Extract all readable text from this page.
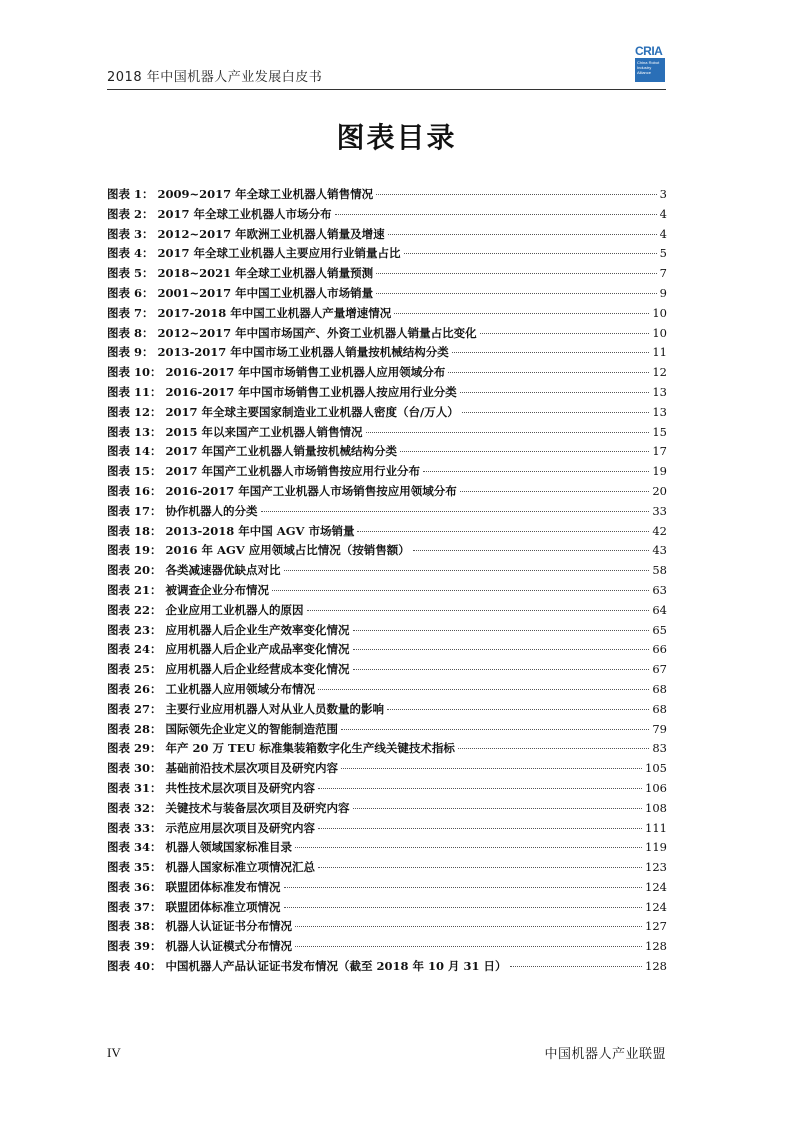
2018 年中国机器人产业发展白皮书
CRIA
China Robot Industry Alliance
图表目录
图表 1： 2009~2017 年全球工业机器人销售情况	3
图表 2： 2017 年全球工业机器人市场分布	4
图表 3： 2012~2017 年欧洲工业机器人销量及增速	4
图表 4： 2017 年全球工业机器人主要应用行业销量占比	5
图表 5： 2018~2021 年全球工业机器人销量预测	7
图表 6： 2001~2017 年中国工业机器人市场销量	9
图表 7： 2017-2018 年中国工业机器人产量增速情况	10
图表 8： 2012~2017 年中国市场国产、外资工业机器人销量占比变化	10
图表 9： 2013-2017 年中国市场工业机器人销量按机械结构分类	11
图表 10： 2016-2017 年中国市场销售工业机器人应用领域分布	12
图表 11： 2016-2017 年中国市场销售工业机器人按应用行业分类	13
图表 12： 2017 年全球主要国家制造业工业机器人密度（台/万人）	13
图表 13： 2015 年以来国产工业机器人销售情况	15
图表 14： 2017 年国产工业机器人销量按机械结构分类	17
图表 15： 2017 年国产工业机器人市场销售按应用行业分布	19
图表 16： 2016-2017 年国产工业机器人市场销售按应用领域分布	20
图表 17： 协作机器人的分类	33
图表 18： 2013-2018 年中国 AGV 市场销量	42
图表 19： 2016 年 AGV 应用领域占比情况（按销售额）	43
图表 20： 各类减速器优缺点对比	58
图表 21： 被调查企业分布情况	63
图表 22： 企业应用工业机器人的原因	64
图表 23： 应用机器人后企业生产效率变化情况	65
图表 24： 应用机器人后企业产成品率变化情况	66
图表 25： 应用机器人后企业经营成本变化情况	67
图表 26： 工业机器人应用领域分布情况	68
图表 27： 主要行业应用机器人对从业人员数量的影响	68
图表 28： 国际领先企业定义的智能制造范围	79
图表 29： 年产 20 万 TEU 标准集装箱数字化生产线关键技术指标	83
图表 30： 基础前沿技术层次项目及研究内容	105
图表 31： 共性技术层次项目及研究内容	106
图表 32： 关键技术与装备层次项目及研究内容	108
图表 33： 示范应用层次项目及研究内容	111
图表 34： 机器人领域国家标准目录	119
图表 35： 机器人国家标准立项情况汇总	123
图表 36： 联盟团体标准发布情况	124
图表 37： 联盟团体标准立项情况	124
图表 38： 机器人认证证书分布情况	127
图表 39： 机器人认证模式分布情况	128
图表 40： 中国机器人产品认证证书发布情况（截至 2018 年 10 月 31 日）	128
IV	中国机器人产业联盟
